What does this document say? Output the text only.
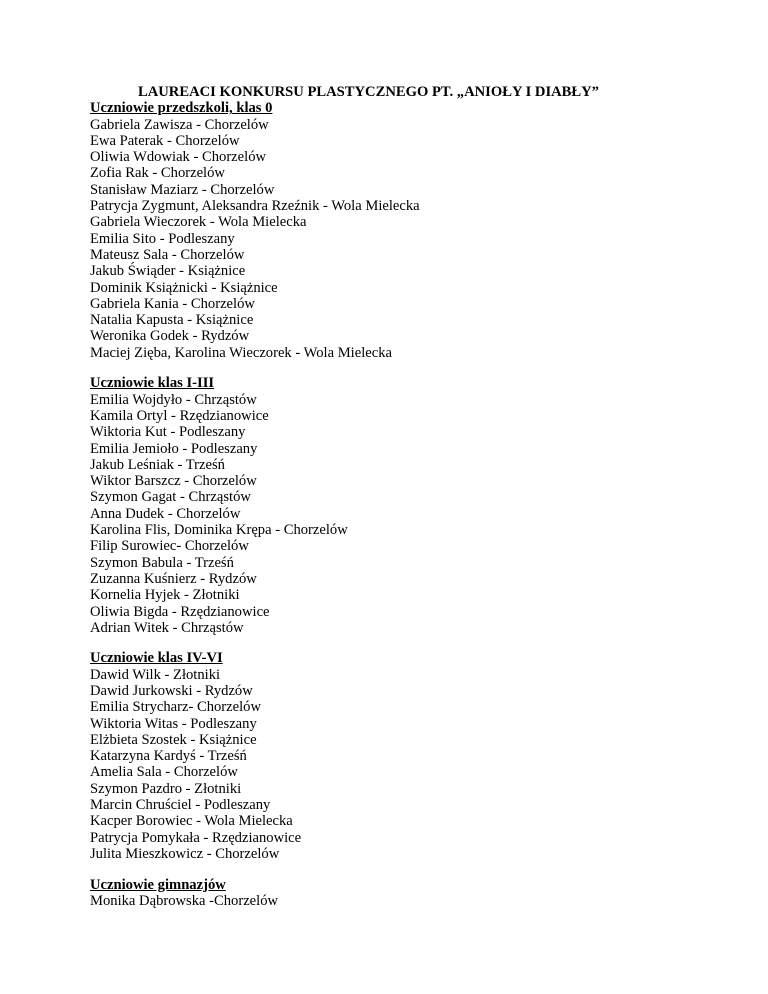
LAUREACI KONKURSU PLASTYCZNEGO PT. „ANIOŁY I DIABŁY”
Uczniowie przedszkoli, klas 0
Gabriela Zawisza - Chorzelów
Ewa Paterak - Chorzelów
Oliwia Wdowiak - Chorzelów
Zofia Rak - Chorzelów
Stanisław Maziarz - Chorzelów
Patrycja Zygmunt, Aleksandra Rzeźnik - Wola Mielecka
Gabriela Wieczorek - Wola Mielecka
Emilia Sito - Podleszany
Mateusz Sala - Chorzelów
Jakub Świąder - Książnice
Dominik Książnicki - Książnice
Gabriela Kania - Chorzelów
Natalia Kapusta - Książnice
Weronika Godek - Rydzów
Maciej Zięba, Karolina Wieczorek - Wola Mielecka
Uczniowie klas I-III
Emilia Wojdyło - Chrząstów
Kamila Ortyl - Rzędzianowice
Wiktoria Kut - Podleszany
Emilia Jemioło - Podleszany
Jakub Leśniak - Trześń
Wiktor Barszcz - Chorzelów
Szymon Gagat - Chrząstów
Anna Dudek - Chorzelów
Karolina Flis, Dominika Krępa - Chorzelów
Filip Surowiec- Chorzelów
Szymon Babula - Trześń
Zuzanna Kuśnierz - Rydzów
Kornelia Hyjek - Złotniki
Oliwia Bigda - Rzędzianowice
Adrian Witek - Chrząstów
Uczniowie klas IV-VI
Dawid Wilk - Złotniki
Dawid Jurkowski - Rydzów
Emilia Strycharz- Chorzelów
Wiktoria Witas - Podleszany
Elżbieta Szostek - Książnice
Katarzyna Kardyś - Trześń
Amelia Sala - Chorzelów
Szymon Pazdro - Złotniki
Marcin Chruściel - Podleszany
Kacper Borowiec - Wola Mielecka
Patrycja Pomykała - Rzędzianowice
Julita Mieszkowicz - Chorzelów
Uczniowie gimnazjów
Monika Dąbrowska -Chorzelów
